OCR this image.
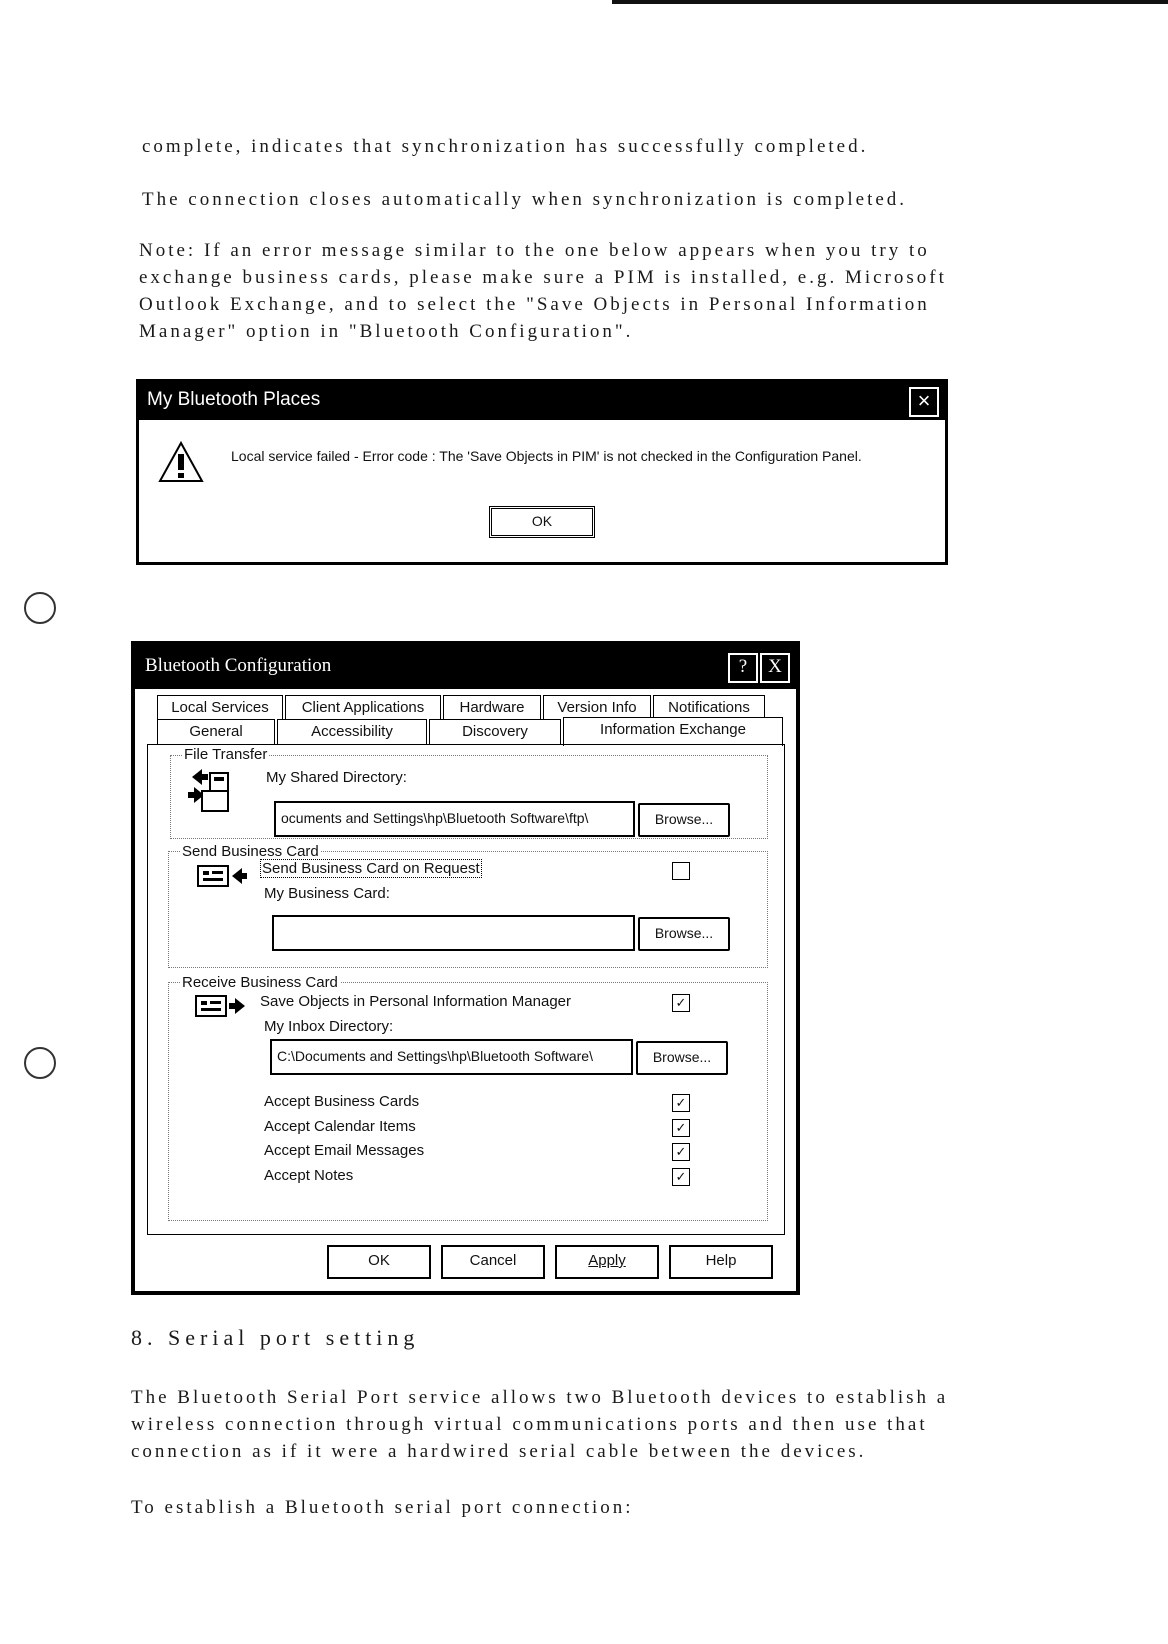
complete, indicates that synchronization has successfully completed.
The connection closes automatically when synchronization is completed.
Note: If an error message similar to the one below appears when you try to
exchange business cards, please make sure a PIM is installed, e.g. Microsoft
Outlook Exchange, and to select the "Save Objects in Personal Information
Manager" option in "Bluetooth Configuration".
My Bluetooth Places	×
Local service failed - Error code : The 'Save Objects in PIM' is not checked in the Configuration Panel.
OK
Bluetooth Configuration	?	X
Local Services	Client Applications	Hardware	Version Info	Notifications
General	Accessibility	Discovery	Information Exchange
File Transfer
My Shared Directory:
ocuments and Settings\hp\Bluetooth Software\ftp\	Browse...
Send Business Card
Send Business Card on Request
My Business Card:
Browse...
Receive Business Card
Save Objects in Personal Information Manager	✓
My Inbox Directory:
C:\Documents and Settings\hp\Bluetooth Software\	Browse...
Accept Business Cards	✓
Accept Calendar Items	✓
Accept Email Messages	✓
Accept Notes	✓
OK	Cancel	Apply	Help
8. Serial port setting
The Bluetooth Serial Port service allows two Bluetooth devices to establish a
wireless connection through virtual communications ports and then use that
connection as if it were a hardwired serial cable between the devices.
To establish a Bluetooth serial port connection:
